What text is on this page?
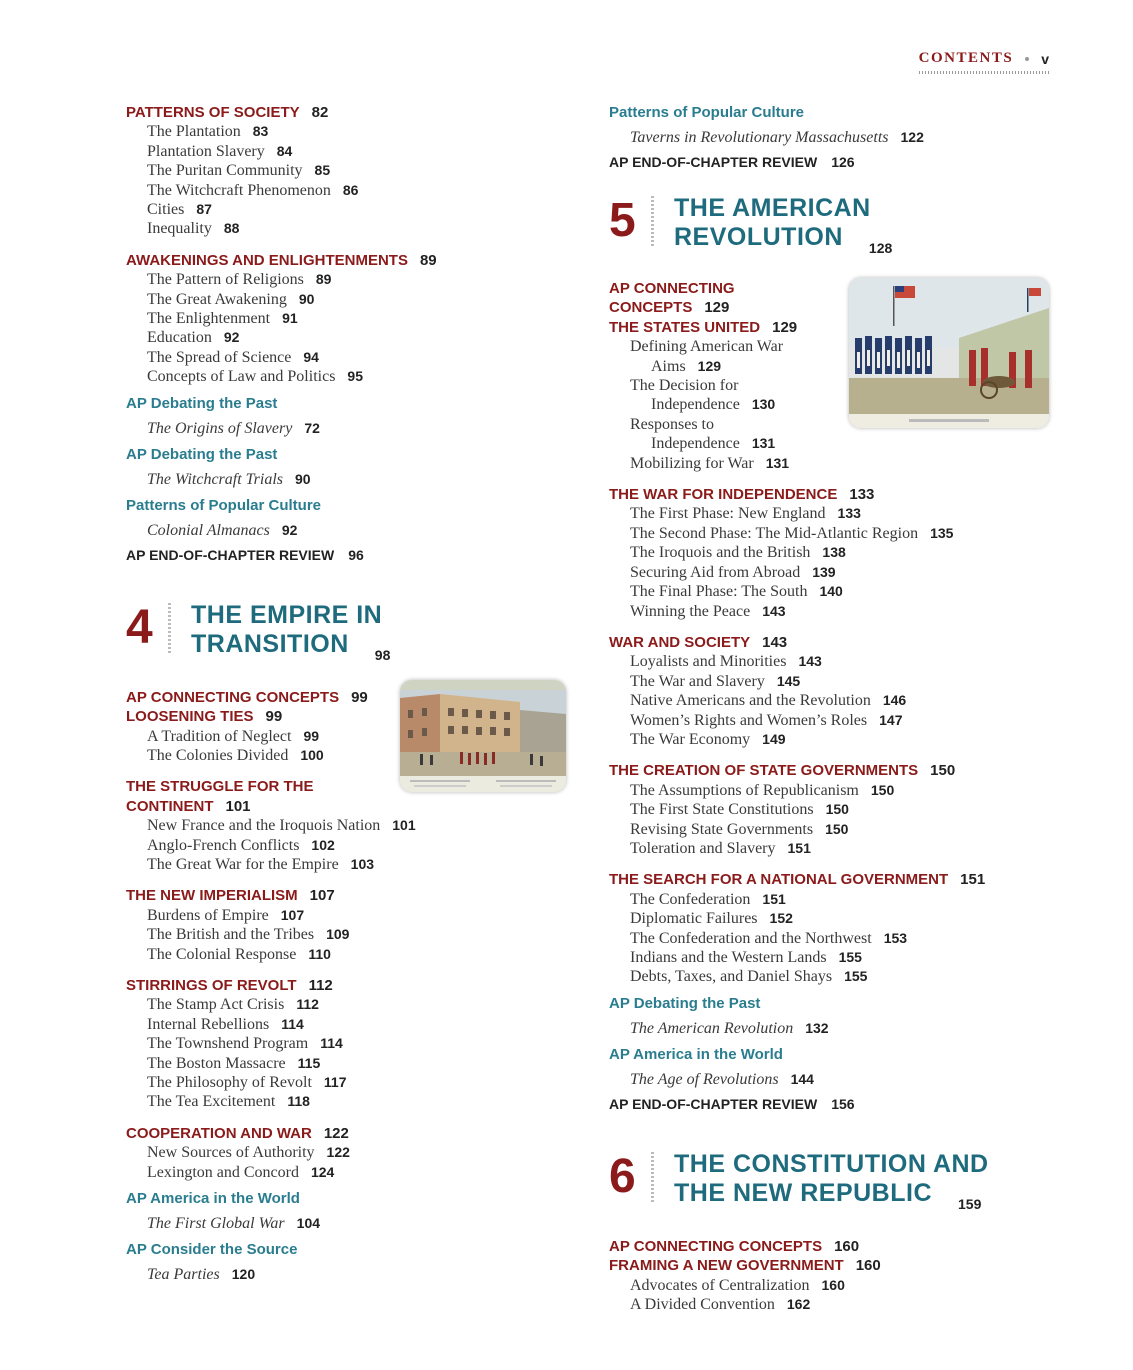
CONTENTS v
PATTERNS OF SOCIETY 82
The Plantation 83
Plantation Slavery 84
The Puritan Community 85
The Witchcraft Phenomenon 86
Cities 87
Inequality 88
AWAKENINGS AND ENLIGHTENMENTS 89
The Pattern of Religions 89
The Great Awakening 90
The Enlightenment 91
Education 92
The Spread of Science 94
Concepts of Law and Politics 95
AP Debating the Past
The Origins of Slavery 72
AP Debating the Past
The Witchcraft Trials 90
Patterns of Popular Culture
Colonial Almanacs 92
AP END-OF-CHAPTER REVIEW 96
4	THE EMPIRE IN
TRANSITION $_{98}$
AP CONNECTING CONCEPTS 99
LOOSENING TIES 99
A Tradition of Neglect 99
The Colonies Divided 100
THE STRUGGLE FOR THE
CONTINENT 101
New France and the Iroquois Nation 101
Anglo-French Conflicts 102
The Great War for the Empire 103
THE NEW IMPERIALISM 107
Burdens of Empire 107
The British and the Tribes 109
The Colonial Response 110
STIRRINGS OF REVOLT 112
The Stamp Act Crisis 112
Internal Rebellions 114
The Townshend Program 114
The Boston Massacre 115
The Philosophy of Revolt 117
The Tea Excitement 118
COOPERATION AND WAR 122
New Sources of Authority 122
Lexington and Concord 124
AP America in the World
The First Global War 104
AP Consider the Source
Tea Parties 120
Patterns of Popular Culture
Taverns in Revolutionary Massachusetts 122
AP END-OF-CHAPTER REVIEW 126
5	THE AMERICAN
REVOLUTION $_{128}$
AP CONNECTING
CONCEPTS 129
THE STATES UNITED 129
Defining American War
Aims 129
The Decision for
Independence 130
Responses to
Independence 131
Mobilizing for War 131
THE WAR FOR INDEPENDENCE 133
The First Phase: New England 133
The Second Phase: The Mid-Atlantic Region 135
The Iroquois and the British 138
Securing Aid from Abroad 139
The Final Phase: The South 140
Winning the Peace 143
WAR AND SOCIETY 143
Loyalists and Minorities 143
The War and Slavery 145
Native Americans and the Revolution 146
Women’s Rights and Women’s Roles 147
The War Economy 149
THE CREATION OF STATE GOVERNMENTS 150
The Assumptions of Republicanism 150
The First State Constitutions 150
Revising State Governments 150
Toleration and Slavery 151
THE SEARCH FOR A NATIONAL GOVERNMENT 151
The Confederation 151
Diplomatic Failures 152
The Confederation and the Northwest 153
Indians and the Western Lands 155
Debts, Taxes, and Daniel Shays 155
AP Debating the Past
The American Revolution 132
AP America in the World
The Age of Revolutions 144
AP END-OF-CHAPTER REVIEW 156
6	THE CONSTITUTION AND
THE NEW REPUBLIC $_{159}$
AP CONNECTING CONCEPTS 160
FRAMING A NEW GOVERNMENT 160
Advocates of Centralization 160
A Divided Convention 162
